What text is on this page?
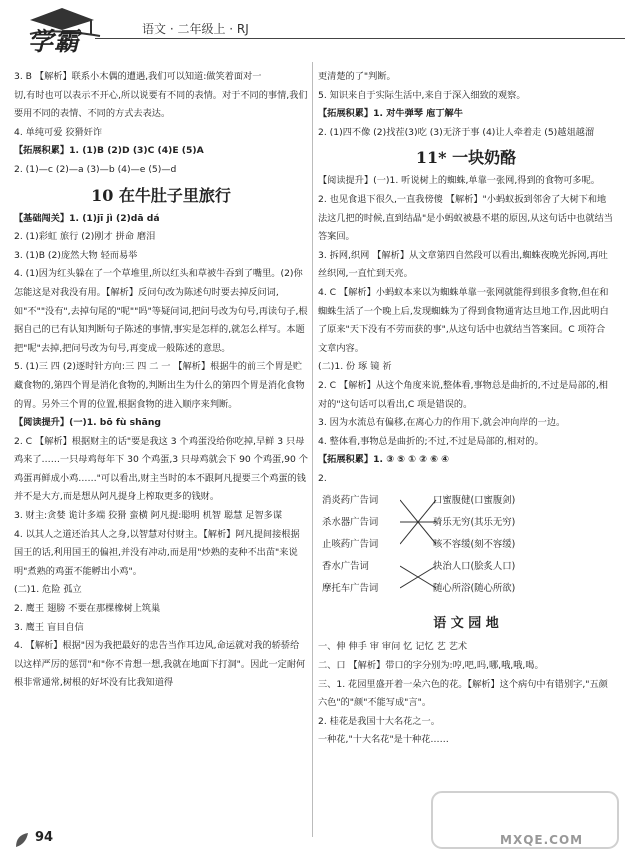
学霸	语文 · 二年级上 · RJ

3. B 【解析】联系小木偶的遭遇,我们可以知道:做笑着面对一

切,有时也可以表示不开心,所以说要有不同的表情。对于不同的事情,我们要用不同的表情、不同的方式去表达。

4. 单纯可爱 狡猾奸诈

【拓展积累】1. (1)B (2)D (3)C (4)E (5)A

2. (1)—c (2)—a (3)—b (4)—e (5)—d

10 在牛肚子里旅行

【基础闯关】1. (1)jī jì (2)dā dá

2. (1)彩虹 旅行 (2)刚才 拼命 磨泪

3. (1)B (2)庞然大物 轻而易举

4. (1)因为红头躲在了一个草堆里,所以红头和草被牛吞到了嘴里。(2)你怎能这是对我没有用。【解析】反问句改为陈述句时要去掉反问词,如"不""没有",去掉句尾的"呢""吗"等疑问词,把问号改为句号,再读句子,根据自己的已有认知判断句子陈述的事情,事实是怎样的,就怎么样写。本题把"呢"去掉,把问号改为句号,再变成一般陈述的意思。

5. (1)三 四 (2)逐时针方向:三 四 二 一 【解析】根据牛的前三个胃是贮藏食物的,第四个胃是消化食物的,判断出生为什么的第四个胃是消化食物的胃。另外三个胃的位置,根据食物的进入顺序来判断。

【阅读提升】(一)1. bō fù shāng

2. C 【解析】根据财主的话"要是我这 3 个鸡蛋没给你吃掉,早鲜 3 只母鸡来了……一只母鸡每年下 30 个鸡蛋,3 只母鸡就会下 90 个鸡蛋,90 个鸡蛋再鲜成小鸡……"可以看出,财主当时的本不跟阿凡提要三个鸡蛋的钱并不是大方,而是想从阿凡提身上榨取更多的钱财。

3. 财主:贪婪 诡计多端 狡猾 蛮横 阿凡提:聪明 机智 聪慧 足智多谋

4. 以其人之道还治其人之身,以智慧对付财主。【解析】阿凡提间接根据国王的话,利用国王的偏袒,并没有冲动,而是用"炒熟的麦种不出苗"来说明"煮熟的鸡蛋不能孵出小鸡"。

(二)1. 危险 孤立

2. 鹰王 翅膀 不要在那棵橡树上筑巢

3. 鹰王 盲目自信

4. 【解析】根据"因为我把最好的忠告当作耳边风,命运就对我的轿骄给以这样严厉的惩罚"和"你不肯想一想,我就在地面下打洞"。因此一定耐何根非常通常,树根的好坏没有比我知道得

更清楚的了"判断。

5. 知识来自于实际生活中,来自于深入细致的观察。

【拓展积累】1. 对牛弹琴 庖丁解牛

2. (1)四不像 (2)找茬(3)吃 (3)无济于事 (4)让人牵着走 (5)越俎越溜

11* 一块奶酪

【阅读提升】(一)1. 听说树上的蜘蛛,单靠一张网,得到的食物可多呢。

2. 也见食退下很久,一直我傍傻 【解析】"小蚂蚁扳到邻舍了大树下和地法这几把的时候,直到结晶"是小蚂蚁被悬不堪的原因,从这句话中也就结当答案回。

3. 拆网,织网 【解析】从文章第四自然段可以看出,蜘蛛夜晚光拆网,再吐丝织网,一直忙到天亮。

4. C 【解析】小蚂蚁本来以为蜘蛛单靠一张网就能得到很多食物,但在和蜘蛛生活了一个晚上后,发现蜘蛛为了得到食物通宵达旦地工作,因此明白了原来"天下没有不劳而获的事",从这句话中也就结当答案回。C 项符合文章内容。

(二)1. 份 琢 镜 祈

2. C 【解析】从这个角度来说,整体看,事物总是曲折的,不过是局部的,相对的"这句话可以看出,C 项是错误的。

3. 因为水流总有偏移,在离心力的作用下,就会冲向岸的一边。

4. 整体看,事物总是曲折的;不过,不过是局部的,相对的。

【拓展积累】1. ③ ⑤ ① ② ⑥ ④

2.

消炎药广告词
杀水器广告词
止咳药广告词
香水广告词
摩托车广告词
口蜜腹健(口蜜腹剑)
骑乐无穷(其乐无穷)
咳不容缓(刻不容缓)
快治人口(脍炙人口)
随心所浴(随心所欲)
语 文 园 地

一、伸 伸手 审 审问 忆 记忆 艺 艺术

二、口 【解析】带口的字分别为:哼,吧,吗,哪,哦,哦,喝。

三、1. 花园里盛开着一朵六色的花。【解析】这个病句中有错别字,"五颜六色"的"颜"不能写成"言"。

2. 桂花是我国十大名花之一。

一种花,"十大名花"是十种花……

94	MXQE.COM
